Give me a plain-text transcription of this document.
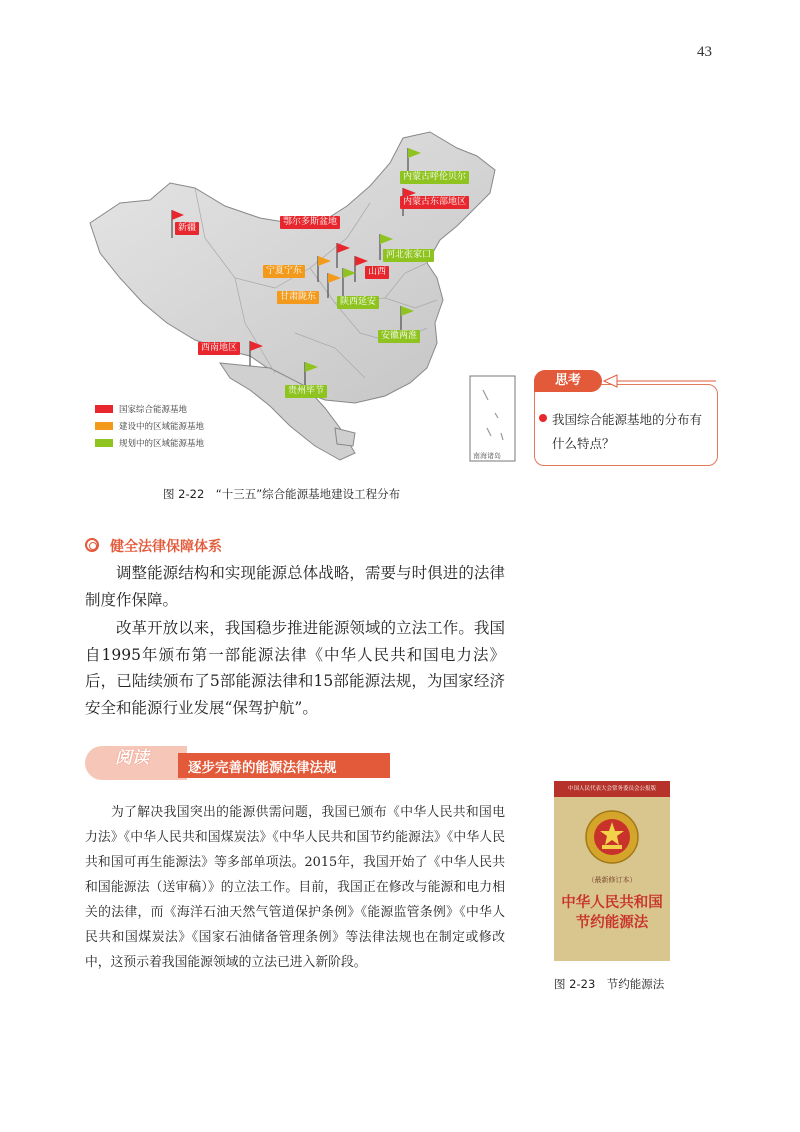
43
南海诸岛
内蒙古呼伦贝尔
内蒙古东部地区
新疆
鄂尔多斯盆地
河北张家口
宁夏宁东	山西
甘肃陇东	陕西延安
安徽两淮
西南地区
贵州毕节
国家综合能源基地
建设中的区域能源基地
规划中的区域能源基地
图 2-22　“十三五”综合能源基地建设工程分布
思考
我国综合能源基地的分布有什么特点？
健全法律保障体系
调整能源结构和实现能源总体战略，需要与时俱进的法律制度作保障。
改革开放以来，我国稳步推进能源领域的立法工作。我国自1995年颁布第一部能源法律《中华人民共和国电力法》后，已陆续颁布了5部能源法律和15部能源法规，为国家经济安全和能源行业发展“保驾护航”。
阅读	逐步完善的能源法律法规
为了解决我国突出的能源供需问题，我国已颁布《中华人民共和国电力法》《中华人民共和国煤炭法》《中华人民共和国节约能源法》《中华人民共和国可再生能源法》等多部单项法。2015年，我国开始了《中华人民共和国能源法（送审稿）》的立法工作。目前，我国正在修改与能源和电力相关的法律，而《海洋石油天然气管道保护条例》《能源监管条例》《中华人民共和国煤炭法》《国家石油储备管理条例》等法律法规也在制定或修改中，这预示着我国能源领域的立法已进入新阶段。
中国人民代表大会常务委员会公报版
（最新修订本）
中华人民共和国
节约能源法
图 2-23　节约能源法
